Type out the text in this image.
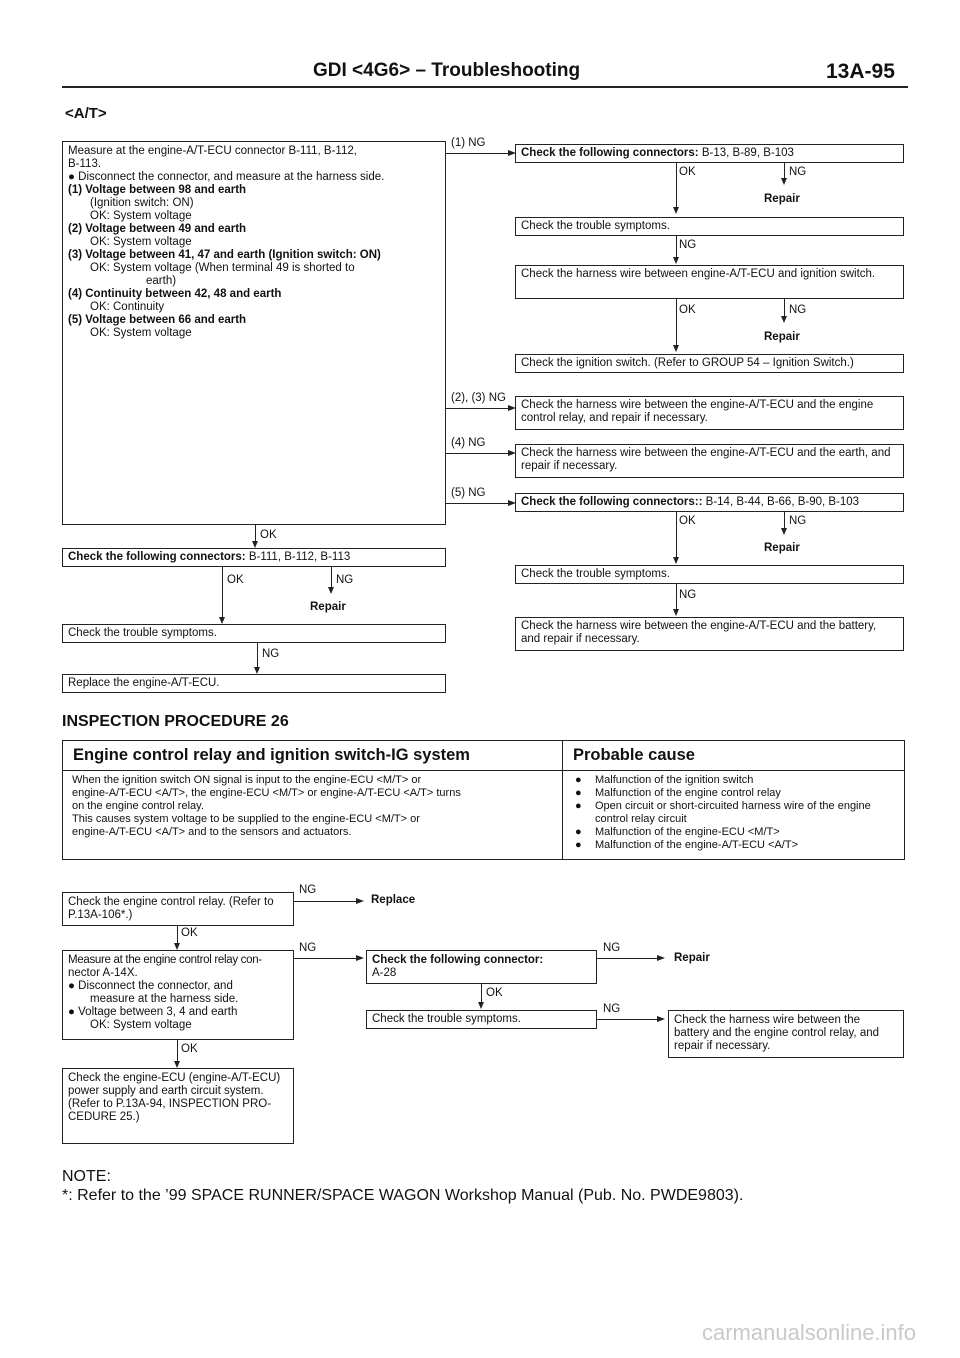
GDI <4G6> – Troubleshooting	13A-95
<A/T>
Measure at the engine-A/T-ECU connector B-111, B-112,
B-113.
● Disconnect the connector, and measure at the harness side.
(1) Voltage between 98 and earth
(Ignition switch: ON)
OK: System voltage
(2) Voltage between 49 and earth
OK: System voltage
(3) Voltage between 41, 47 and earth (Ignition switch: ON)
OK: System voltage (When terminal 49 is shorted to
earth)
(4) Continuity between 42, 48 and earth
OK: Continuity
(5) Voltage between 66 and earth
OK: System voltage
(1) NG
(2), (3) NG
(4) NG
(5) NG
Check the following connectors: B-13, B-89, B-103
OK	NG
Repair
Check the trouble symptoms.
NG
Check the harness wire between engine-A/T-ECU and ignition switch.
OK	NG
Repair
Check the ignition switch. (Refer to GROUP 54 – Ignition Switch.)
Check the harness wire between the engine-A/T-ECU and the engine control relay, and repair if necessary.
Check the harness wire between the engine-A/T-ECU and the earth, and repair if necessary.
Check the following connectors:: B-14, B-44, B-66, B-90, B-103
OK	NG
Repair
Check the trouble symptoms.
NG
Check the harness wire between the engine-A/T-ECU and the battery, and repair if necessary.
OK
Check the following connectors: B-111, B-112, B-113
OK	NG
Repair
Check the trouble symptoms.
NG
Replace the engine-A/T-ECU.
INSPECTION PROCEDURE 26
Engine control relay and ignition switch-IG system	Probable cause
When the ignition switch ON signal is input to the engine-ECU <M/T> or
engine-A/T-ECU <A/T>, the engine-ECU <M/T> or engine-A/T-ECU <A/T> turns
on the engine control relay.
This causes system voltage to be supplied to the engine-ECU <M/T> or
engine-A/T-ECU <A/T> and to the sensors and actuators.
●	Malfunction of the ignition switch
●	Malfunction of the engine control relay
●	Open circuit or short-circuited harness wire of the engine control relay circuit
●	Malfunction of the engine-ECU <M/T>
●	Malfunction of the engine-A/T-ECU <A/T>
Check the engine control relay. (Refer to P.13A-106*.)
NG
Replace
OK
Measure at the engine control relay con-
nector A-14X.
● Disconnect the connector, and
measure at the harness side.
● Voltage between 3, 4 and earth
OK: System voltage
NG
Check the following connector:
A-28
NG
Repair
OK
Check the trouble symptoms.
NG
Check the harness wire between the battery and the engine control relay, and repair if necessary.
OK
Check the engine-ECU (engine-A/T-ECU) power supply and earth circuit system. (Refer to P.13A-94, INSPECTION PRO-CEDURE 25.)
NOTE:
*: Refer to the ’99 SPACE RUNNER/SPACE WAGON Workshop Manual (Pub. No. PWDE9803).
carmanualsonline.info
